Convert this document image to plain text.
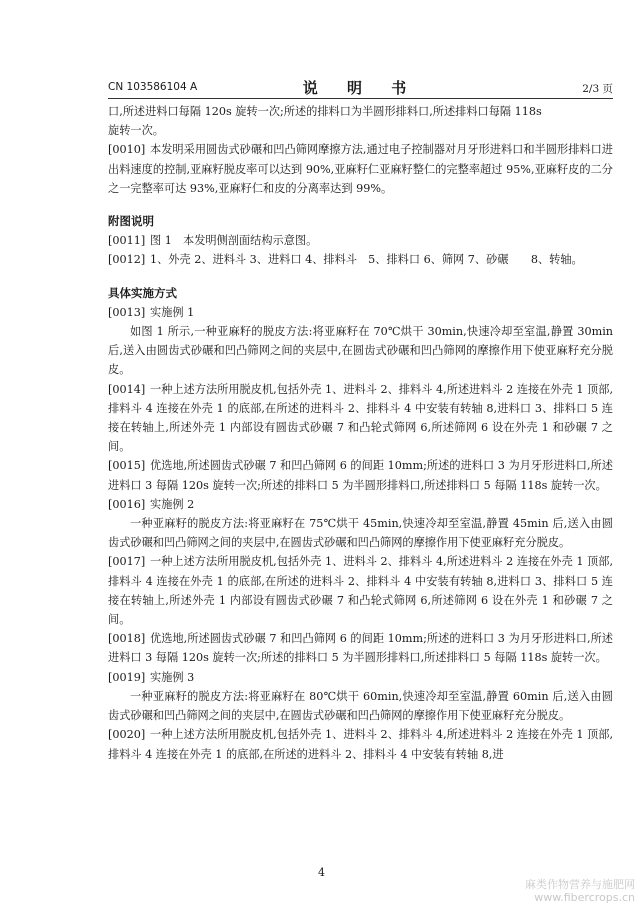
CN 103586104 A	说 明 书	2/3 页

口,所述进料口每隔 120s 旋转一次;所述的排料口为半圆形排料口,所述排料口每隔 118s

旋转一次。

[0010] 本发明采用圆齿式砂碾和凹凸筛网摩擦方法,通过电子控制器对月牙形进料口和半圆形排料口进出料速度的控制,亚麻籽脱皮率可以达到 90%,亚麻籽仁亚麻籽整仁的完整率超过 95%,亚麻籽皮的二分之一完整率可达 93%,亚麻籽仁和皮的分离率达到 99%。

附图说明

[0011] 图 1　本发明侧剖面结构示意图。

[0012] 1、外壳 2、进料斗 3、进料口 4、排料斗　5、排料口 6、筛网 7、砂碾　　8、转轴。

具体实施方式

[0013] 实施例 1

如图 1 所示,一种亚麻籽的脱皮方法:将亚麻籽在 70℃烘干 30min,快速冷却至室温,静置 30min 后,送入由圆齿式砂碾和凹凸筛网之间的夹层中,在圆齿式砂碾和凹凸筛网的摩擦作用下使亚麻籽充分脱皮。

[0014] 一种上述方法所用脱皮机,包括外壳 1、进料斗 2、排料斗 4,所述进料斗 2 连接在外壳 1 顶部,排料斗 4 连接在外壳 1 的底部,在所述的进料斗 2、排料斗 4 中安装有转轴 8,进料口 3、排料口 5 连接在转轴上,所述外壳 1 内部设有圆齿式砂碾 7 和凸轮式筛网 6,所述筛网 6 设在外壳 1 和砂碾 7 之间。

[0015] 优选地,所述圆齿式砂碾 7 和凹凸筛网 6 的间距 10mm;所述的进料口 3 为月牙形进料口,所述进料口 3 每隔 120s 旋转一次;所述的排料口 5 为半圆形排料口,所述排料口 5 每隔 118s 旋转一次。

[0016] 实施例 2

一种亚麻籽的脱皮方法:将亚麻籽在 75℃烘干 45min,快速冷却至室温,静置 45min 后,送入由圆齿式砂碾和凹凸筛网之间的夹层中,在圆齿式砂碾和凹凸筛网的摩擦作用下使亚麻籽充分脱皮。

[0017] 一种上述方法所用脱皮机,包括外壳 1、进料斗 2、排料斗 4,所述进料斗 2 连接在外壳 1 顶部,排料斗 4 连接在外壳 1 的底部,在所述的进料斗 2、排料斗 4 中安装有转轴 8,进料口 3、排料口 5 连接在转轴上,所述外壳 1 内部设有圆齿式砂碾 7 和凸轮式筛网 6,所述筛网 6 设在外壳 1 和砂碾 7 之间。

[0018] 优选地,所述圆齿式砂碾 7 和凹凸筛网 6 的间距 10mm;所述的进料口 3 为月牙形进料口,所述进料口 3 每隔 120s 旋转一次;所述的排料口 5 为半圆形排料口,所述排料口 5 每隔 118s 旋转一次。

[0019] 实施例 3

一种亚麻籽的脱皮方法:将亚麻籽在 80℃烘干 60min,快速冷却至室温,静置 60min 后,送入由圆齿式砂碾和凹凸筛网之间的夹层中,在圆齿式砂碾和凹凸筛网的摩擦作用下使亚麻籽充分脱皮。

[0020] 一种上述方法所用脱皮机,包括外壳 1、进料斗 2、排料斗 4,所述进料斗 2 连接在外壳 1 顶部,排料斗 4 连接在外壳 1 的底部,在所述的进料斗 2、排料斗 4 中安装有转轴 8,进

4
麻类作物营养与施肥网
www.fibercrops.cn
